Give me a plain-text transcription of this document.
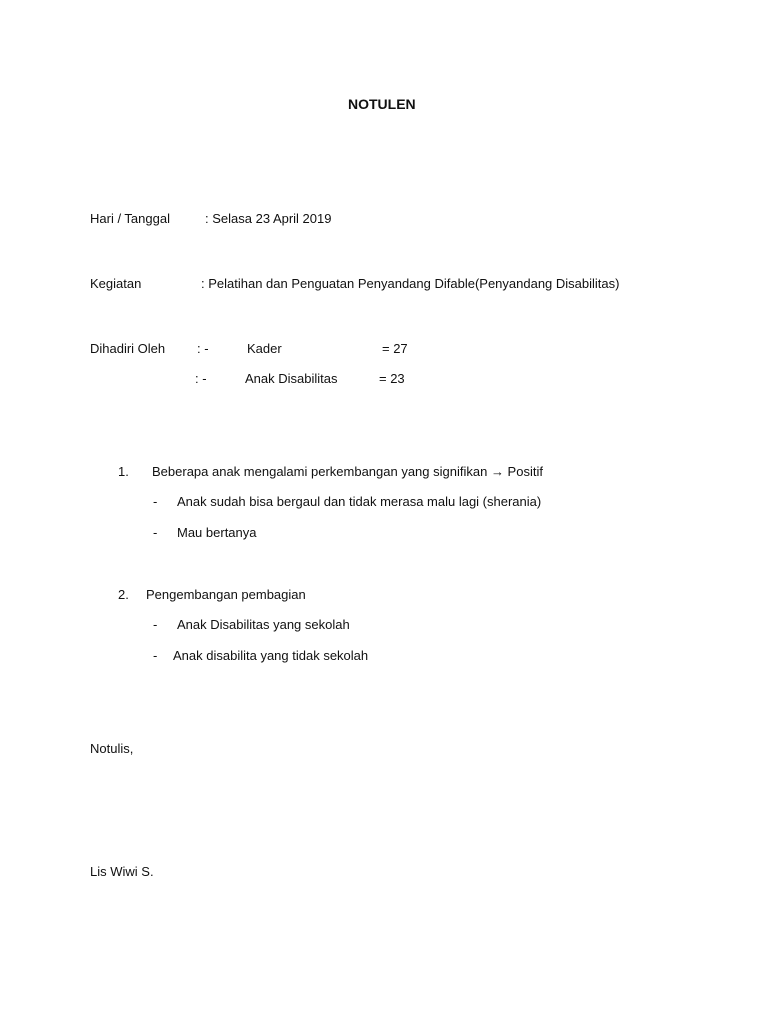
NOTULEN
Hari / Tanggal	: Selasa 23 April 2019
Kegiatan	: Pelatihan dan Penguatan Penyandang Difable(Penyandang Disabilitas)
Dihadiri Oleh : -	Kader	= 27
: -	Anak Disabilitas	= 23
1. Beberapa anak mengalami perkembangan yang signifikan → Positif
- Anak sudah bisa bergaul dan tidak merasa malu lagi (sherania)
- Mau bertanya
2. Pengembangan pembagian
- Anak Disabilitas yang sekolah
- Anak disabilita yang tidak sekolah
Notulis,
Lis Wiwi S.
